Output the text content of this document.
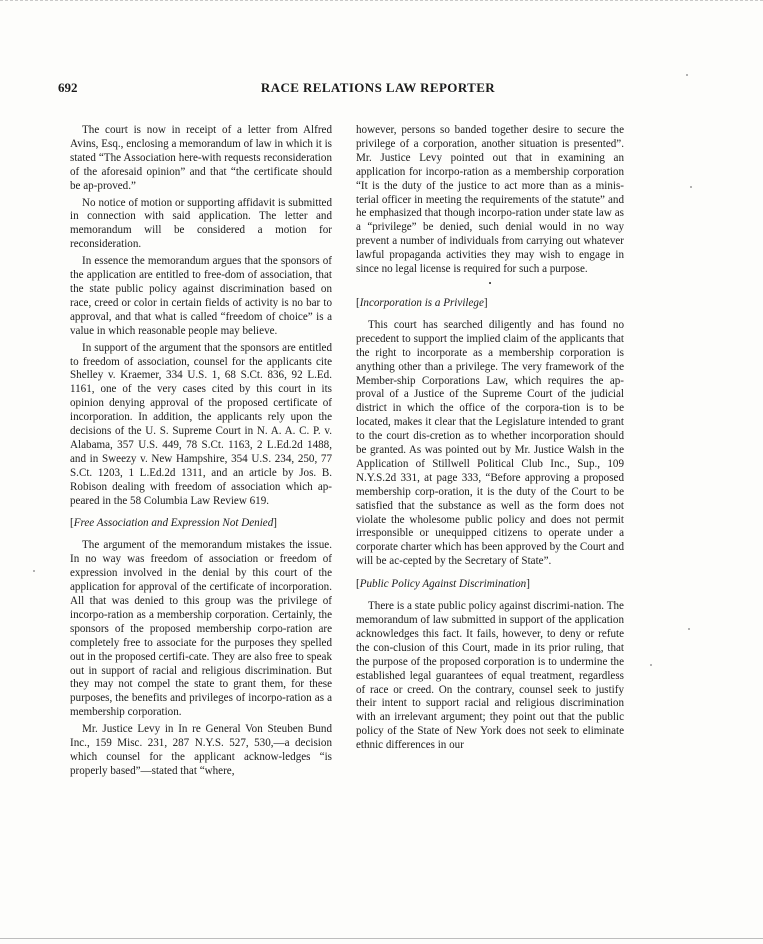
692	RACE RELATIONS LAW REPORTER

The court is now in receipt of a letter from Alfred Avins, Esq., enclosing a memorandum of law in which it is stated “The Association here-with requests reconsideration of the aforesaid opinion” and that “the certificate should be ap-proved.”

No notice of motion or supporting affidavit is submitted in connection with said application. The letter and memorandum will be considered a motion for reconsideration.

In essence the memorandum argues that the sponsors of the application are entitled to free-dom of association, that the state public policy against discrimination based on race, creed or color in certain fields of activity is no bar to approval, and that what is called “freedom of choice” is a value in which reasonable people may believe.

In support of the argument that the sponsors are entitled to freedom of association, counsel for the applicants cite Shelley v. Kraemer, 334 U.S. 1, 68 S.Ct. 836, 92 L.Ed. 1161, one of the very cases cited by this court in its opinion denying approval of the proposed certificate of incorporation. In addition, the applicants rely upon the decisions of the U. S. Supreme Court in N. A. A. C. P. v. Alabama, 357 U.S. 449, 78 S.Ct. 1163, 2 L.Ed.2d 1488, and in Sweezy v. New Hampshire, 354 U.S. 234, 250, 77 S.Ct. 1203, 1 L.Ed.2d 1311, and an article by Jos. B. Robison dealing with freedom of association which ap-peared in the 58 Columbia Law Review 619.

[Free Association and Expression Not Denied]

The argument of the memorandum mistakes the issue. In no way was freedom of association or freedom of expression involved in the denial by this court of the application for approval of the certificate of incorporation. All that was denied to this group was the privilege of incorpo-ration as a membership corporation. Certainly, the sponsors of the proposed membership corpo-ration are completely free to associate for the purposes they spelled out in the proposed certifi-cate. They are also free to speak out in support of racial and religious discrimination. But they may not compel the state to grant them, for these purposes, the benefits and privileges of incorpo-ration as a membership corporation.

Mr. Justice Levy in In re General Von Steuben Bund Inc., 159 Misc. 231, 287 N.Y.S. 527, 530,—a decision which counsel for the applicant acknow-ledges “is properly based”—stated that “where,

however, persons so banded together desire to secure the privilege of a corporation, another situation is presented”. Mr. Justice Levy pointed out that in examining an application for incorpo-ration as a membership corporation “It is the duty of the justice to act more than as a minis-terial officer in meeting the requirements of the statute” and he emphasized that though incorpo-ration under state law as a “privilege” be denied, such denial would in no way prevent a number of individuals from carrying out whatever lawful propaganda activities they may wish to engage in since no legal license is required for such a purpose.

•
[Incorporation is a Privilege]

This court has searched diligently and has found no precedent to support the implied claim of the applicants that the right to incorporate as a membership corporation is anything other than a privilege. The very framework of the Member-ship Corporations Law, which requires the ap-proval of a Justice of the Supreme Court of the judicial district in which the office of the corpora-tion is to be located, makes it clear that the Legislature intended to grant to the court dis-cretion as to whether incorporation should be granted. As was pointed out by Mr. Justice Walsh in the Application of Stillwell Political Club Inc., Sup., 109 N.Y.S.2d 331, at page 333, “Before approving a proposed membership corp-oration, it is the duty of the Court to be satisfied that the substance as well as the form does not violate the wholesome public policy and does not permit irresponsible or unequipped citizens to operate under a corporate charter which has been approved by the Court and will be ac-cepted by the Secretary of State”.

[Public Policy Against Discrimination]

There is a state public policy against discrimi-nation. The memorandum of law submitted in support of the application acknowledges this fact. It fails, however, to deny or refute the con-clusion of this Court, made in its prior ruling, that the purpose of the proposed corporation is to undermine the established legal guarantees of equal treatment, regardless of race or creed. On the contrary, counsel seek to justify their intent to support racial and religious discrimination with an irrelevant argument; they point out that the public policy of the State of New York does not seek to eliminate ethnic differences in our
